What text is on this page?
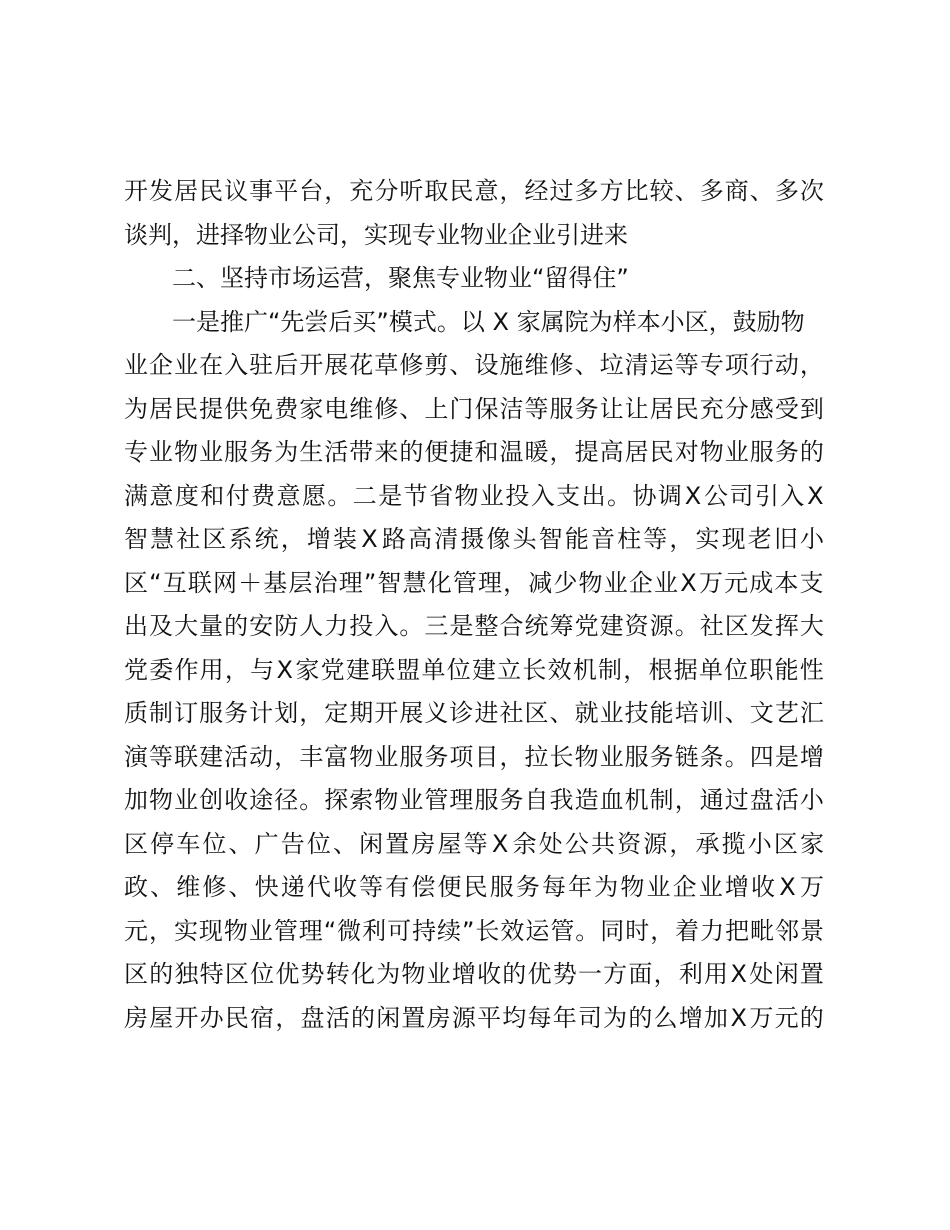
开 发 居 民 议 事 平 台 ， 充 分 听 取 民 意 ， 经 过 多 方 比 较 、 多 商 、 多 次
谈判，进择物业公司，实现专业物业企业引进来
二、坚持市场运营，聚焦专业物业“留得住”
一是推广“先尝后买”模式。以 X 家属院为样本小区，鼓励物
业 企 业 在 入 驻 后 开 展 花 草 修 剪 、 设 施 维 修 、 垃 清 运 等 专 项 行 动 ，
为 居 民 提 供 免 费 家 电 维 修 、 上 门 保 洁 等 服 务 让 让 居 民 充 分 感 受 到
专 业 物 业 服 务 为 生 活 带 来 的 便 捷 和 温 暖 ， 提 高 居 民 对 物 业 服 务 的
满 意 度 和 付 费 意 愿 。 二 是 节 省 物 业 投 入 支 出 。 协 调 X 公 司 引 入 X
智 慧 社 区 系 统 ， 增 装 X 路 高 清 摄 像 头 智 能 音 柱 等 ， 实 现 老 旧 小
区 “ 互 联 网 ＋ 基 层 治 理 ” 智 慧 化 管 理 ， 减 少 物 业 企 业 X 万 元 成 本 支
出 及 大 量 的 安 防 人 力 投 入 。 三 是 整 合 统 筹 党 建 资 源 。 社 区 发 挥 大
党 委 作 用 ， 与 X 家 党 建 联 盟 单 位 建 立 长 效 机 制 ， 根 据 单 位 职 能 性
质 制 订 服 务 计 划 ， 定 期 开 展 义 诊 进 社 区 、 就 业 技 能 培 训 、 文 艺 汇
演 等 联 建 活 动 ， 丰 富 物 业 服 务 项 目 ， 拉 长 物 业 服 务 链 条 。 四 是 增
加 物 业 创 收 途 径 。 探 索 物 业 管 理 服 务 自 我 造 血 机 制 ， 通 过 盘 活 小
区 停 车 位 、 广 告 位 、 闲 置 房 屋 等 X 余 处 公 共 资 源 ， 承 揽 小 区 家
政 、 维 修 、 快 递 代 收 等 有 偿 便 民 服 务 每 年 为 物 业 企 业 增 收 X 万
元 ， 实 现 物 业 管 理 “ 微 利 可 持 续 ” 长 效 运 管 。 同 时 ， 着 力 把 毗 邻 景
区 的 独 特 区 位 优 势 转 化 为 物 业 增 收 的 优 势 一 方 面 ， 利 用 X 处 闲 置
房 屋 开 办 民 宿 ， 盘 活 的 闲 置 房 源 平 均 每 年 司 为 的 么 增 加 X 万 元 的
